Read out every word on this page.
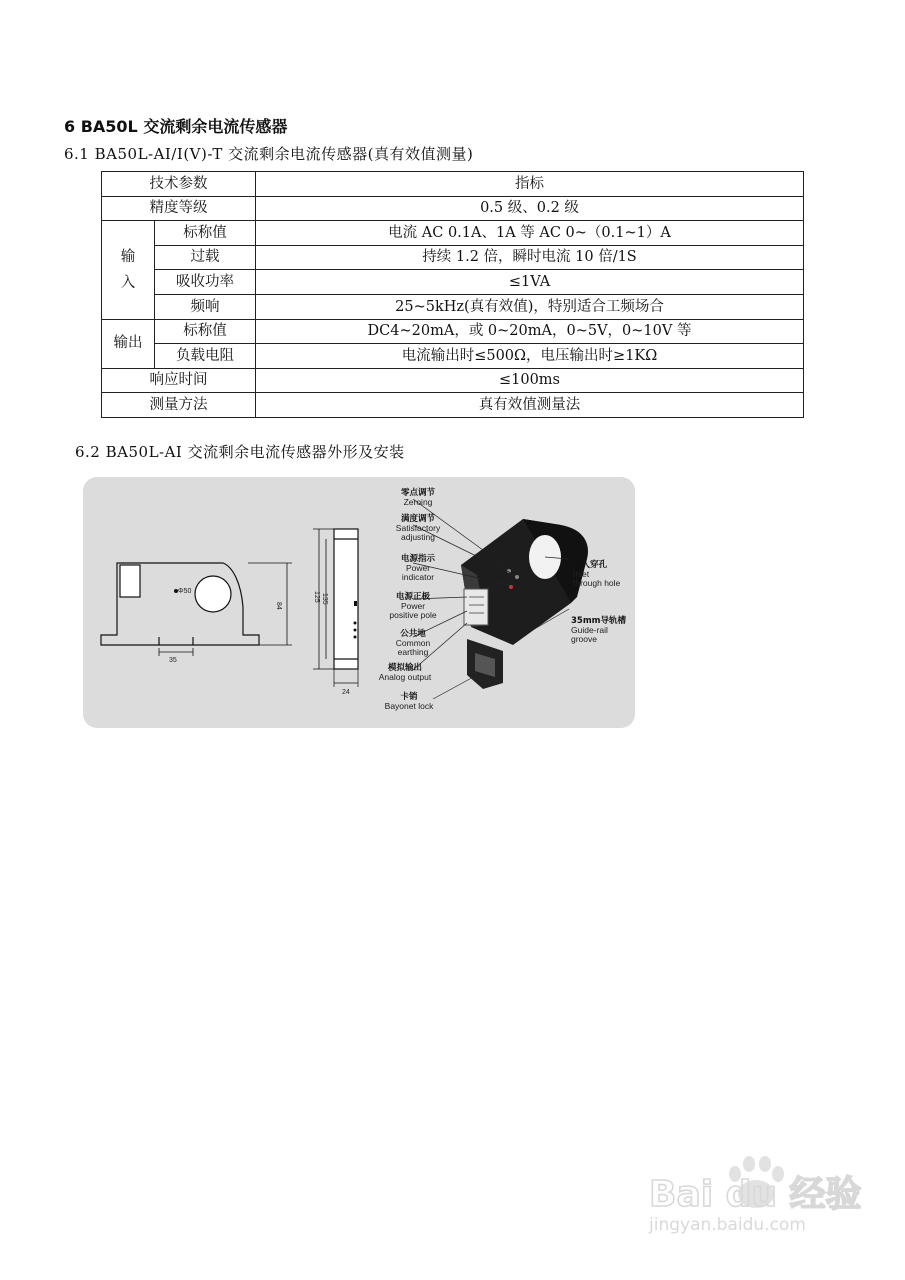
6 BA50L 交流剩余电流传感器
6.1 BA50L-AI/I(V)-T 交流剩余电流传感器(真有效值测量)
技术参数		指标
精度等级		0.5 级、0.2 级

输
入	标称值	电流 AC 0.1A、1A 等 AC 0~（0.1~1）A
	过载	持续 1.2 倍，瞬时电流 10 倍/1S
	吸收功率	≤1VA
	频响	25~5kHz(真有效值)，特别适合工频场合
输出	标称值	DC4~20mA，或 0~20mA，0~5V，0~10V 等
	负载电阻	电流输出时≤500Ω，电压输出时≥1KΩ
响应时间		≤100ms
测量方法		真有效值测量法
6.2 BA50L-AI 交流剩余电流传感器外形及安装
Φ50
35
84
125 135
24
零点调节
Zeroing
满度调节
Satisfactory
adjusting
电源指示
Power
indicator
电源正极
Power
positive pole
公共地
Common
earthing
模拟输出
Analog output
卡销
Bayonet lock
输入穿孔
Inlet
through hole
35mm导轨槽
Guide-rail
groove
Bai du 经验
jingyan.baidu.com
